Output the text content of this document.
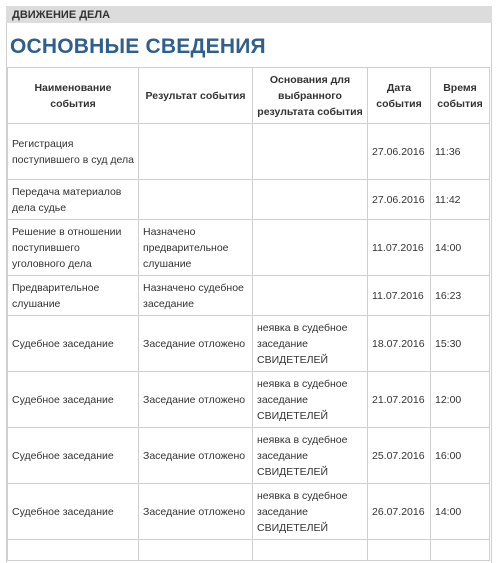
ДВИЖЕНИЕ ДЕЛА
ОСНОВНЫЕ СВЕДЕНИЯ
Наименование события	Результат события	Основания для выбранного результата события	Дата события	Время события
Регистрация поступившего в суд дела			27.06.2016	11:36
Передача материалов дела судье			27.06.2016	11:42
Решение в отношении поступившего уголовного дела	Назначено предварительное слушание		11.07.2016	14:00
Предварительное слушание	Назначено судебное заседание		11.07.2016	16:23
Судебное заседание	Заседание отложено	неявка в судебное заседание СВИДЕТЕЛЕЙ	18.07.2016	15:30
Судебное заседание	Заседание отложено	неявка в судебное заседание СВИДЕТЕЛЕЙ	21.07.2016	12:00
Судебное заседание	Заседание отложено	неявка в судебное заседание СВИДЕТЕЛЕЙ	25.07.2016	16:00
Судебное заседание	Заседание отложено	неявка в судебное заседание СВИДЕТЕЛЕЙ	26.07.2016	14:00
